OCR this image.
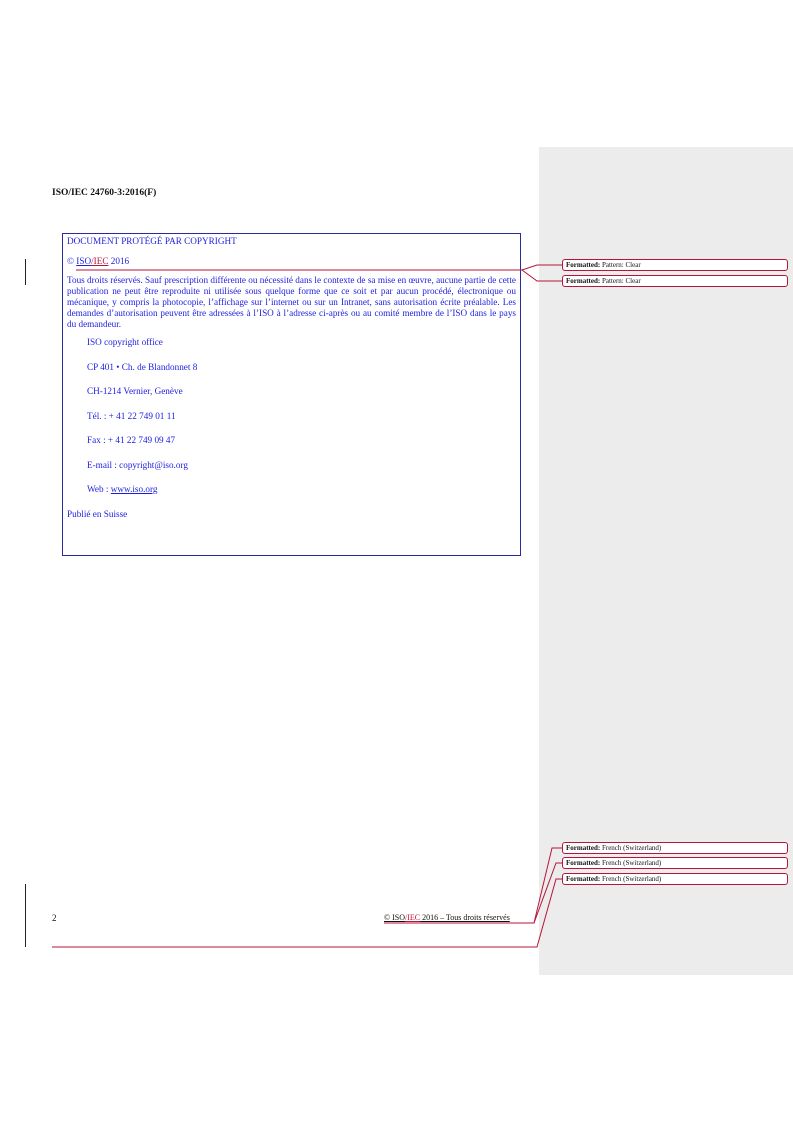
ISO/IEC 24760-3:2016(F)

DOCUMENT PROTÉGÉ PAR COPYRIGHT

© ISO/IEC 2016

Tous droits réservés. Sauf prescription différente ou nécessité dans le contexte de sa mise en œuvre, aucune partie de cette publication ne peut être reproduite ni utilisée sous quelque forme que ce soit et par aucun procédé, électronique ou mécanique, y compris la photocopie, l’affichage sur l’internet ou sur un Intranet, sans autorisation écrite préalable. Les demandes d’autorisation peuvent être adressées à l’ISO à l’adresse ci-après ou au comité membre de l’ISO dans le pays du demandeur.

ISO copyright office

CP 401 • Ch. de Blandonnet 8

CH-1214 Vernier, Genève

Tél. : + 41 22 749 01 11

Fax : + 41 22 749 09 47

E-mail : copyright@iso.org

Web : www.iso.org

Publié en Suisse

Formatted: Pattern: Clear
Formatted: Pattern: Clear
Formatted: French (Switzerland)
Formatted: French (Switzerland)
Formatted: French (Switzerland)
2	© ISO/IEC 2016 – Tous droits réservés
